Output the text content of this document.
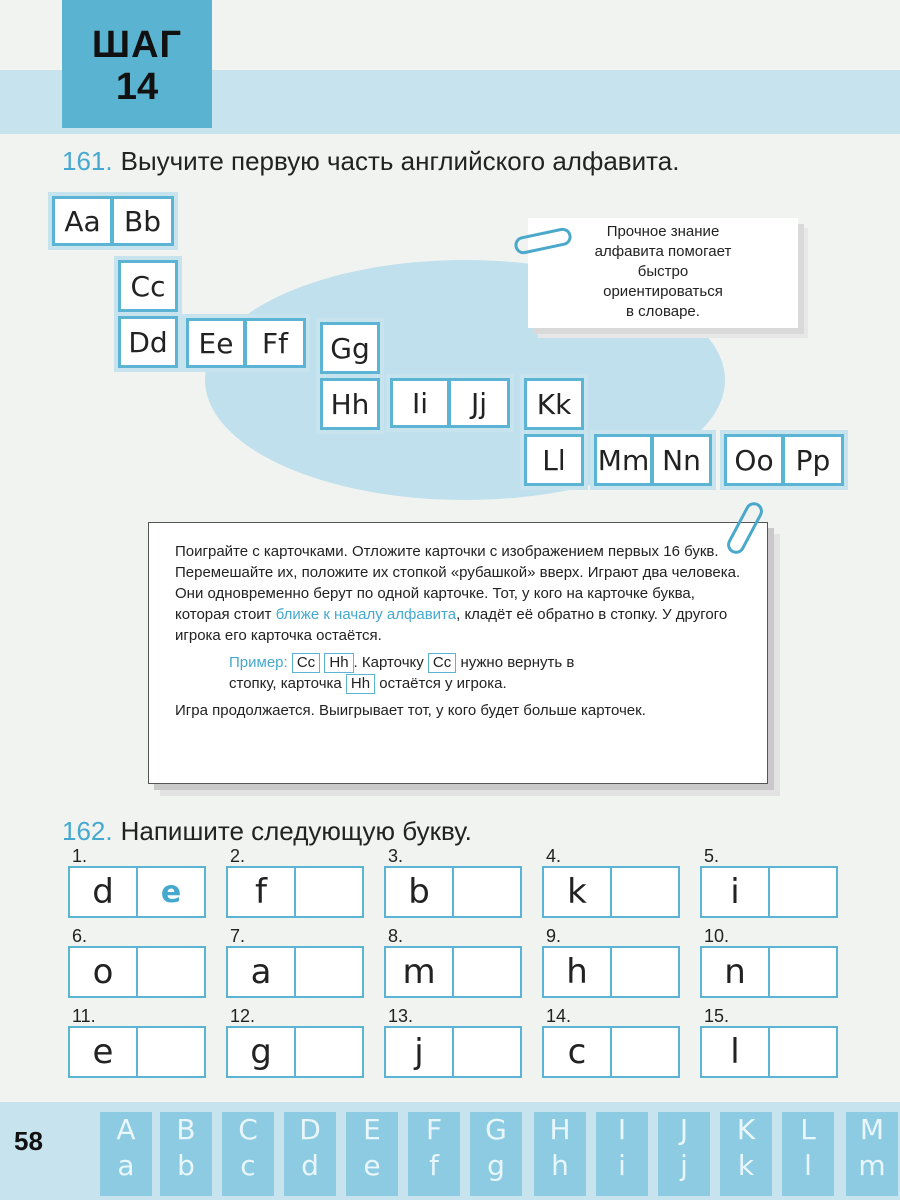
ШАГ
14
161. Выучите первую часть английского алфавита.
Aa Bb
Cc
Dd	Ee	Ff	Gg
Hh	Ii	Jj	Kk
Ll	Mm Nn	Oo Pp
Прочное знание
алфавита помогает
быстро
ориентироваться
в словаре.

Поиграйте с карточками. Отложите карточки с изображением первых 16 букв. Перемешайте их, положите их стопкой «рубашкой» вверх. Играют два человека. Они одновременно берут по одной карточке. Тот, у кого на карточке буква, которая стоит ближе к началу алфавита, кладёт её обратно в стопку. У другого игрока его карточка остаётся.

Пример: Cc Hh . Карточку Cc нужно вернуть в
стопку, карточка Hh остаётся у игрока.

Игра продолжается. Выигрывает тот, у кого будет больше карточек.

162. Напишите следующую букву.
1.
d	e
2.
f
3.
b
4.
k
5.
i
6.
o
7.
a
8.
m
9.
h
10.
n
11.
e
12.
g
13.
j
14.
c
15.
l
58	A
a
B
b
C
c
D
d
E
e
F
f
G
g
H
h
I
i
J
j
K
k
L
l
M
m
